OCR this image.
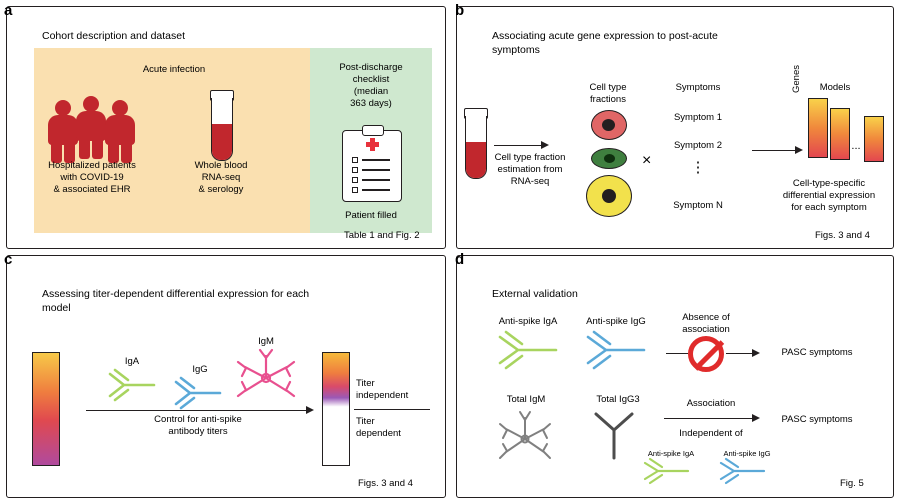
a
Cohort description and dataset
Acute infection
Hospitalized patients
with COVID-19
& associated EHR
Whole blood
RNA-seq
& serology
Post-discharge
checklist
(median
363 days)
Patient filled
Table 1 and Fig. 2
b
Associating acute gene expression to post-acute
symptoms
Cell type fraction
estimation from
RNA-seq
Cell type
fractions
×
Symptoms
Symptom 1
Symptom 2
⋮
Symptom N
Models
...
Genes
Cell-type-specific
differential expression
for each symptom
Figs. 3 and 4
c
Assessing titer-dependent differential expression for each
model
IgA
IgG
IgM
Control for anti-spike
antibody titers
Titer
independent
Titer
dependent
Figs. 3 and 4
d
External validation
Anti-spike IgA	Anti-spike IgG	Absence of
association
PASC symptoms
Total IgM	Total IgG3	Association
PASC symptoms
Independent of
Anti-spike IgA	Anti-spike IgG
Fig. 5
